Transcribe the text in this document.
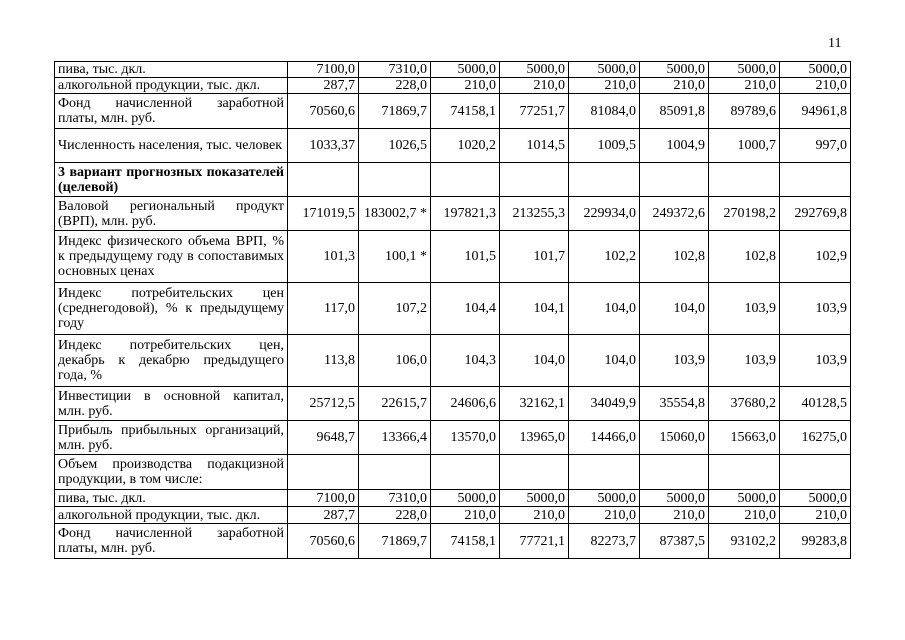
11
пива, тыс. дкл.	7100,0	7310,0	5000,0	5000,0	5000,0	5000,0	5000,0	5000,0
алкогольной продукции, тыс. дкл.	287,7	228,0	210,0	210,0	210,0	210,0	210,0	210,0
Фонд начисленной заработной платы, млн. руб.	70560,6	71869,7	74158,1	77251,7	81084,0	85091,8	89789,6	94961,8
Численность населения, тыс. человек	1033,37	1026,5	1020,2	1014,5	1009,5	1004,9	1000,7	997,0
3 вариант прогнозных показателей (целевой)								
Валовой региональный продукт (ВРП), млн. руб.	171019,5	183002,7 *	197821,3	213255,3	229934,0	249372,6	270198,2	292769,8
Индекс физического объема ВРП, % к предыдущему году в сопоставимых основных ценах	101,3	100,1 *	101,5	101,7	102,2	102,8	102,8	102,9
Индекс потребительских цен (среднегодовой), % к предыдущему году	117,0	107,2	104,4	104,1	104,0	104,0	103,9	103,9
Индекс потребительских цен, декабрь к декабрю предыдущего года, %	113,8	106,0	104,3	104,0	104,0	103,9	103,9	103,9
Инвестиции в основной капитал, млн. руб.	25712,5	22615,7	24606,6	32162,1	34049,9	35554,8	37680,2	40128,5
Прибыль прибыльных организаций, млн. руб.	9648,7	13366,4	13570,0	13965,0	14466,0	15060,0	15663,0	16275,0
Объем производства подакцизной продукции, в том числе:								
пива, тыс. дкл.	7100,0	7310,0	5000,0	5000,0	5000,0	5000,0	5000,0	5000,0
алкогольной продукции, тыс. дкл.	287,7	228,0	210,0	210,0	210,0	210,0	210,0	210,0
Фонд начисленной заработной платы, млн. руб.	70560,6	71869,7	74158,1	77721,1	82273,7	87387,5	93102,2	99283,8
